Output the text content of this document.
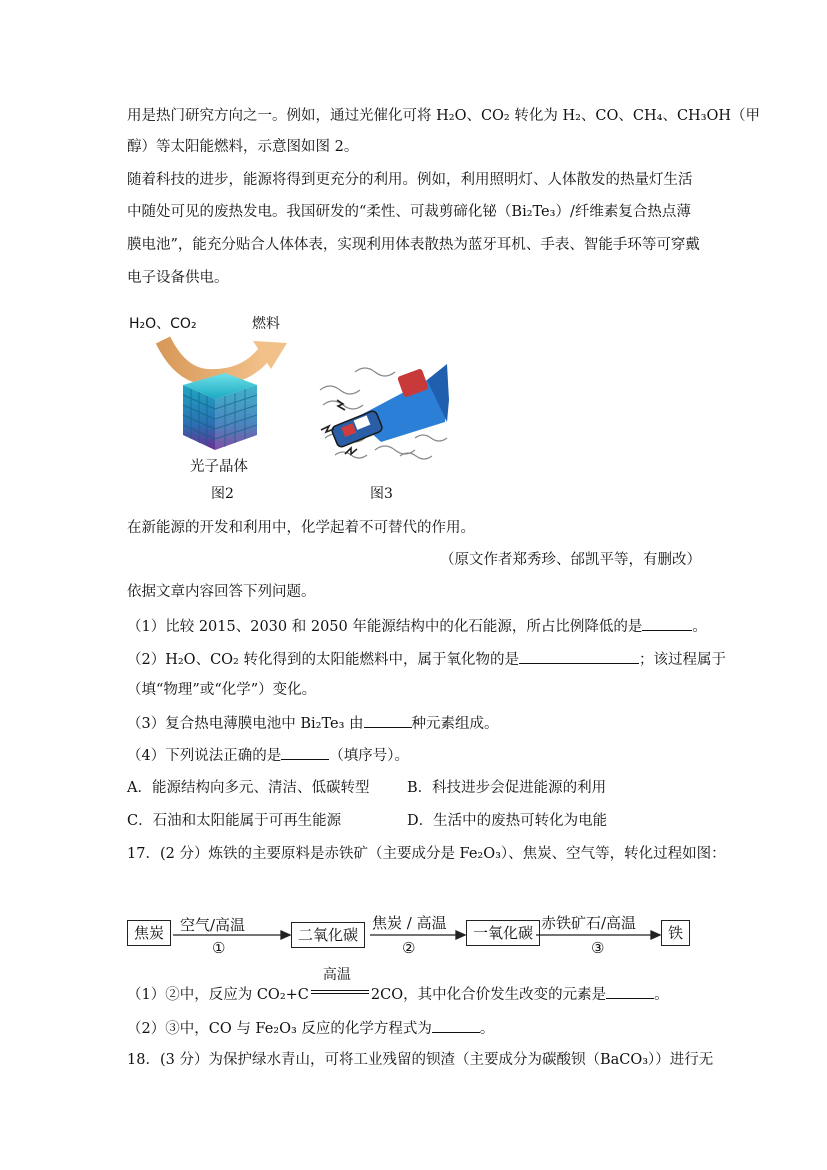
用是热门研究方向之一。例如，通过光催化可将 H₂O、CO₂ 转化为 H₂、CO、CH₄、CH₃OH（甲
醇）等太阳能燃料，示意图如图 2。
随着科技的进步，能源将得到更充分的利用。例如，利用照明灯、人体散发的热量灯生活
中随处可见的废热发电。我国研发的“柔性、可裁剪碲化铋（Bi₂Te₃）/纤维素复合热点薄
膜电池”，能充分贴合人体体表，实现利用体表散热为蓝牙耳机、手表、智能手环等可穿戴
电子设备供电。
H₂O、CO₂	燃料
光子晶体
图2	图3
在新能源的开发和利用中，化学起着不可替代的作用。
（原文作者郑秀珍、邰凯平等，有删改）
依据文章内容回答下列问题。
（1）比较 2015、2030 和 2050 年能源结构中的化石能源，所占比例降低的是	。
（2）H₂O、CO₂ 转化得到的太阳能燃料中，属于氧化物的是	；该过程属于
（填“物理”或“化学”）变化。
（3）复合热电薄膜电池中 Bi₂Te₃ 由	种元素组成。
（4）下列说法正确的是	（填序号）。
A．能源结构向多元、清洁、低碳转型	B．科技进步会促进能源的利用
C．石油和太阳能属于可再生能源	D．生活中的废热可转化为电能
17．(2 分）炼铁的主要原料是赤铁矿（主要成分是 Fe₂O₃）、焦炭、空气等，转化过程如图：
焦炭	二氧化碳	一氧化碳	铁
空气/高温
①
焦炭 / 高温
②
赤铁矿石/高温
③
（1）②中，反应为 CO₂+C
高温
2CO，其中化合价发生改变的元素是	。
（2）③中，CO 与 Fe₂O₃ 反应的化学方程式为	。
18．(3 分）为保护绿水青山，可将工业残留的钡渣（主要成分为碳酸钡（BaCO₃））进行无
